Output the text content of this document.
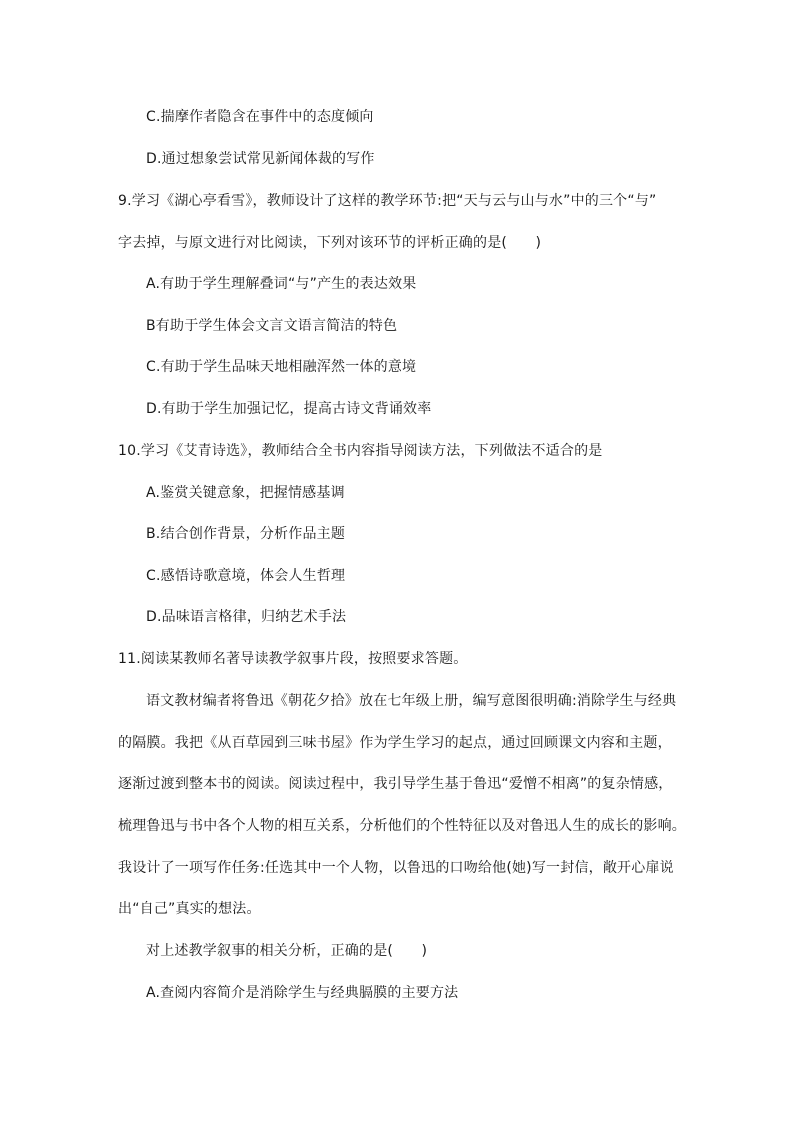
C.揣摩作者隐含在事件中的态度倾向
D.通过想象尝试常见新闻体裁的写作
9.学习《湖心亭看雪》，教师设计了这样的教学环节:把“天与云与山与水”中的三个“与”
字去掉，与原文进行对比阅读，下列对该环节的评析正确的是(　　)
A.有助于学生理解叠词“与”产生的表达效果
B有助于学生体会文言文语言简洁的特色
C.有助于学生品味天地相融浑然一体的意境
D.有助于学生加强记忆，提高古诗文背诵效率
10.学习《艾青诗选》，教师结合全书内容指导阅读方法，下列做法不适合的是
A.鉴赏关键意象，把握情感基调
B.结合创作背景，分析作品主题
C.感悟诗歌意境，体会人生哲理
D.品味语言格律，归纳艺术手法
11.阅读某教师名著导读教学叙事片段，按照要求答题。
语文教材编者将鲁迅《朝花夕拾》放在七年级上册，编写意图很明确:消除学生与经典
的隔膜。我把《从百草园到三味书屋》作为学生学习的起点，通过回顾课文内容和主题，
逐渐过渡到整本书的阅读。阅读过程中，我引导学生基于鲁迅“爱憎不相离”的复杂情感，
梳理鲁迅与书中各个人物的相互关系，分析他们的个性特征以及对鲁迅人生的成长的影响。
我设计了一项写作任务:任选其中一个人物，以鲁迅的口吻给他(她)写一封信，敞开心扉说
出“自己”真实的想法。
对上述教学叙事的相关分析，正确的是(　　)
A.查阅内容简介是消除学生与经典膈膜的主要方法
